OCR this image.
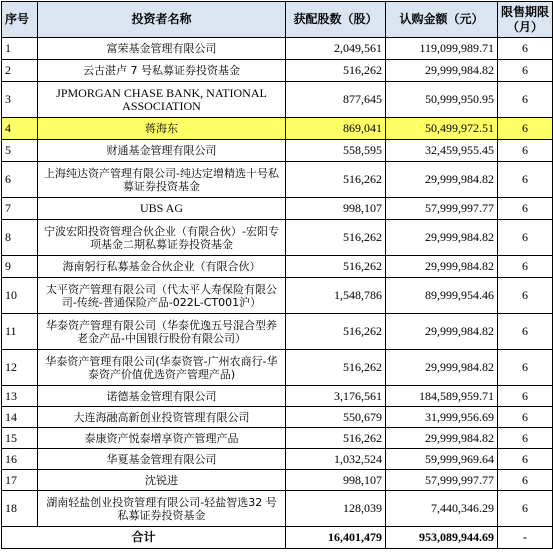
序号	投资者名称	获配股数（股）	认购金额（元）	限售期限（月）
1	富荣基金管理有限公司	2,049,561	119,099,989.71	6
2	云古湛卢 7 号私募证券投资基金	516,262	29,999,984.82	6
3	JPMORGAN CHASE BANK, NATIONAL ASSOCIATION	877,645	50,999,950.95	6
4	蒋海东	869,041	50,499,972.51	6
5	财通基金管理有限公司	558,595	32,459,955.45	6
6	上海纯达资产管理有限公司-纯达定增精选十号私募证券投资基金	516,262	29,999,984.82	6
7	UBS AG	998,107	57,999,997.77	6
8	宁波宏阳投资管理合伙企业（有限合伙）-宏阳专项基金二期私募证券投资基金	516,262	29,999,984.82	6
9	海南躬行私募基金合伙企业（有限合伙）	516,262	29,999,984.82	6
10	太平资产管理有限公司（代太平人寿保险有限公司-传统-普通保险产品-022L-CT001沪）	1,548,786	89,999,954.46	6
11	华泰资产管理有限公司（华泰优逸五号混合型养老金产品-中国银行股份有限公司）	516,262	29,999,984.82	6
12	华泰资产管理有限公司(华泰资管-广州农商行-华泰资产价值优选资产管理产品)	516,262	29,999,984.82	6
13	诺德基金管理有限公司	3,176,561	184,589,959.71	6
14	大连海融高新创业投资管理有限公司	550,679	31,999,956.69	6
15	泰康资产悦泰增享资产管理产品	516,262	29,999,984.82	6
16	华夏基金管理有限公司	1,032,524	59,999,969.64	6
17	沈锐进	998,107	57,999,997.77	6
18	湖南轻盐创业投资管理有限公司-轻盐智选32 号私募证券投资基金	128,039	7,440,346.29	6
合计		16,401,479	953,089,944.69	-
